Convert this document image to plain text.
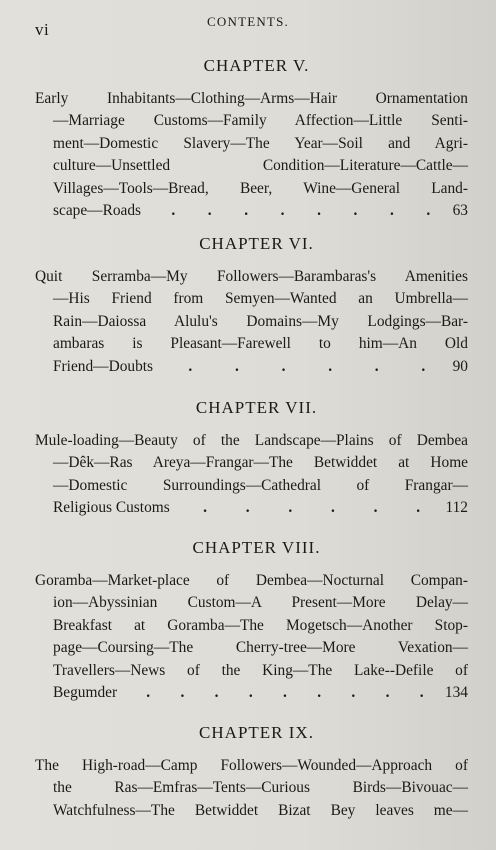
vi	CONTENTS.
CHAPTER V.
Early Inhabitants—Clothing—Arms—Hair Ornamentation
—Marriage Customs—Family Affection—Little Senti-
ment—Domestic Slavery—The Year—Soil and Agri-
culture—Unsettled Condition—Literature—Cattle—
Villages—Tools—Bread, Beer, Wine—General Land-
scape—Roads . . . . . . . . 63
CHAPTER VI.
Quit Serramba—My Followers—Barambaras's Amenities
—His Friend from Semyen—Wanted an Umbrella—
Rain—Daiossa Alulu's Domains—My Lodgings—Bar-
ambaras is Pleasant—Farewell to him—An Old
Friend—Doubts .	.	.	.	.	. 90
CHAPTER VII.
Mule-loading—Beauty of the Landscape—Plains of Dembea
—Dêk—Ras Areya—Frangar—The Betwiddet at Home
—Domestic Surroundings—Cathedral of Frangar—
Religious Customs .	.	.	.	.	. 112
CHAPTER VIII.
Goramba—Market-place of Dembea—Nocturnal Compan-
ion—Abyssinian Custom—A Present—More Delay—
Breakfast at Goramba—The Mogetsch—Another Stop-
page—Coursing—The Cherry-tree—More Vexation—
Travellers—News of the King—The Lake--Defile of
Begumder . . . . . . . . . 134
CHAPTER IX.
The High-road—Camp Followers—Wounded—Approach of
the Ras—Emfras—Tents—Curious Birds—Bivouac—
Watchfulness—The Betwiddet Bizat Bey leaves me—
